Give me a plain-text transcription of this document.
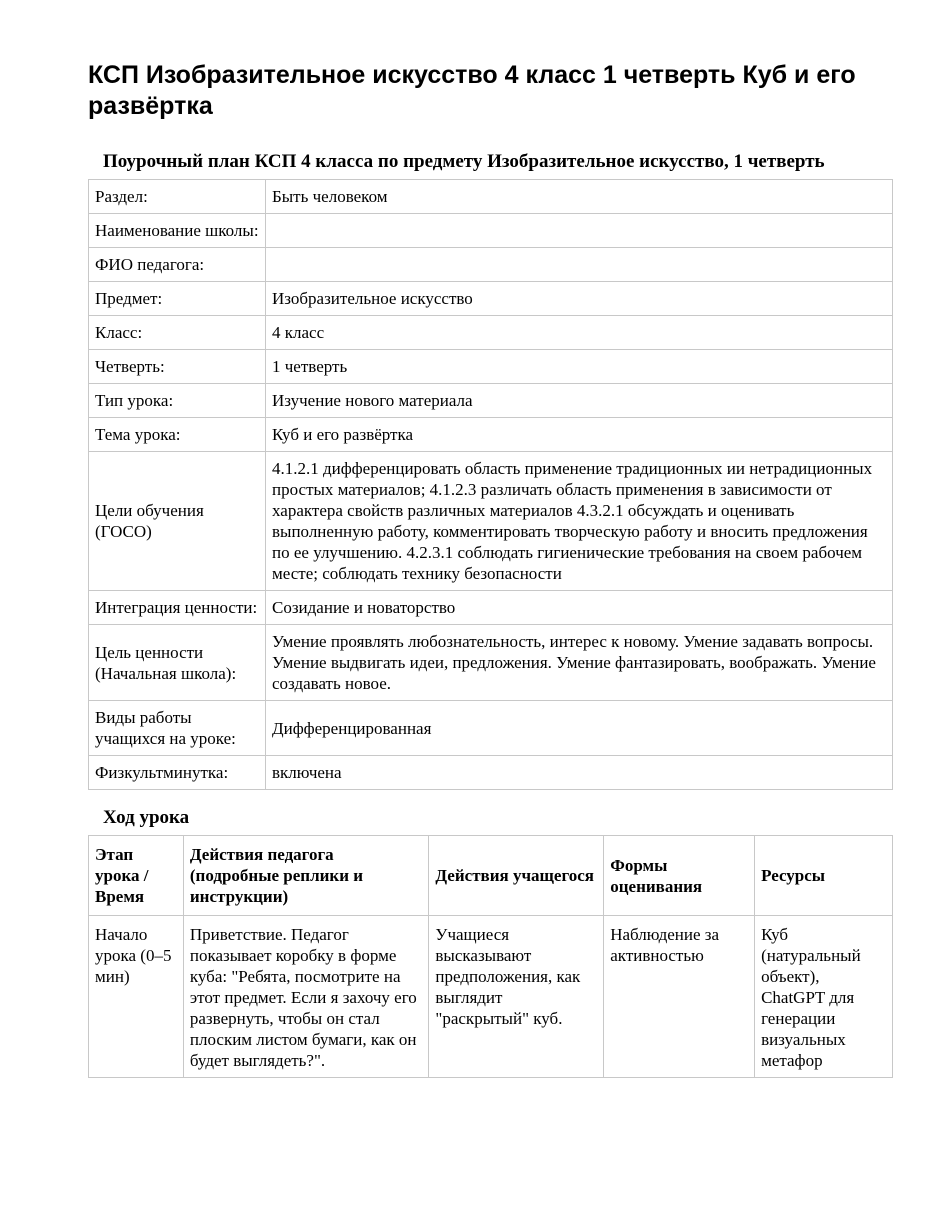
КСП Изобразительное искусство 4 класс 1 четверть Куб и его развёртка
Поурочный план КСП 4 класса по предмету Изобразительное искусство, 1 четверть
Раздел:	Быть человеком
Наименование школы:	
ФИО педагога:	
Предмет:	Изобразительное искусство
Класс:	4 класс
Четверть:	1 четверть
Тип урока:	Изучение нового материала
Тема урока:	Куб и его развёртка
Цели обучения (ГОСО)	4.1.2.1 дифференцировать область применение традиционных ии нетрадиционных простых материалов; 4.1.2.3 различать область применения в зависимости от характера свойств различных материалов 4.3.2.1 обсуждать и оценивать выполненную работу, комментировать творческую работу и вносить предложения по ее улучшению. 4.2.3.1 соблюдать гигиенические требования на своем рабочем месте; соблюдать технику безопасности
Интеграция ценности:	Созидание и новаторство
Цель ценности (Начальная школа):	Умение проявлять любознательность, интерес к новому. Умение задавать вопросы. Умение выдвигать идеи, предложения. Умение фантазировать, воображать. Умение создавать новое.
Виды работы учащихся на уроке:	Дифференцированная
Физкультминутка:	включена
Ход урока
Этап урока / Время	Действия педагога (подробные реплики и инструкции)	Действия учащегося	Формы оценивания	Ресурсы
Начало урока (0–5 мин)	Приветствие. Педагог показывает коробку в форме куба: "Ребята, посмотрите на этот предмет. Если я захочу его развернуть, чтобы он стал плоским листом бумаги, как он будет выглядеть?".	Учащиеся высказывают предположения, как выглядит "раскрытый" куб.	Наблюдение за активностью	Куб (натуральный объект), ChatGPT для генерации визуальных метафор
